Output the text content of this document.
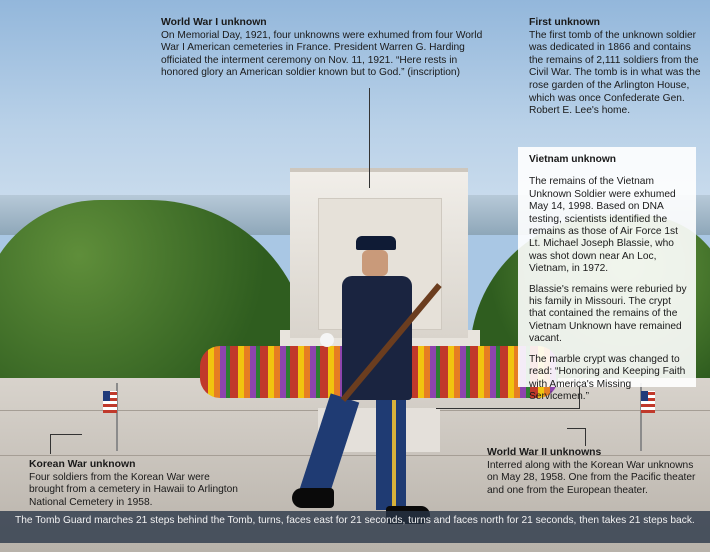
World War I unknown

On Memorial Day, 1921, four unknowns were exhumed from four World War I American cemeteries in France. President Warren G. Harding officiated the interment ceremony on Nov. 11, 1921. “Here rests in honored glory an American soldier known but to God.” (inscription)

First unknown

The first tomb of the unknown soldier was dedicated in 1866 and contains the remains of 2,111 soldiers from the Civil War. The tomb is in what was the rose garden of the Arlington House, which was once Confederate Gen. Robert E. Lee's home.

Vietnam unknown

The remains of the Vietnam Unknown Soldier were exhumed May 14, 1998. Based on DNA testing, scientists identified the remains as those of Air Force 1st Lt. Michael Joseph Blassie, who was shot down near An Loc, Vietnam, in 1972.

Blassie's remains were reburied by his family in Missouri. The crypt that contained the remains of the Vietnam Unknown have remained vacant.

The marble crypt was changed to read: “Honoring and Keeping Faith with America's Missing Servicemen.”

Korean War unknown

Four soldiers from the Korean War were brought from a cemetery in Hawaii to Arlington National Cemetery in 1958.

World War II unknowns

Interred along with the Korean War unknowns on May 28, 1958. One from the Pacific theater and one from the European theater.

The Tomb Guard marches 21 steps behind the Tomb, turns, faces east for 21 seconds, turns and faces north for 21 seconds, then takes 21 steps back.
